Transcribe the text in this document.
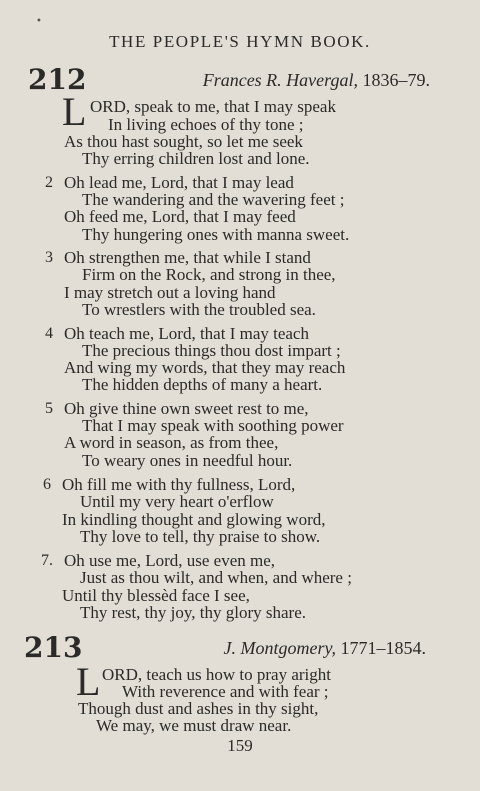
•
THE PEOPLE'S HYMN BOOK.
212	Frances R. Havergal, 1836–79.
L ORD, speak to me, that I may speak
In living echoes of thy tone ;
As thou hast sought, so let me seek
Thy erring children lost and lone.
2 Oh lead me, Lord, that I may lead
The wandering and the wavering feet ;
Oh feed me, Lord, that I may feed
Thy hungering ones with manna sweet.
3 Oh strengthen me, that while I stand
Firm on the Rock, and strong in thee,
I may stretch out a loving hand
To wrestlers with the troubled sea.
4 Oh teach me, Lord, that I may teach
The precious things thou dost impart ;
And wing my words, that they may reach
The hidden depths of many a heart.
5 Oh give thine own sweet rest to me,
That I may speak with soothing power
A word in season, as from thee,
To weary ones in needful hour.
6 Oh fill me with thy fullness, Lord,
Until my very heart o'erflow
In kindling thought and glowing word,
Thy love to tell, thy praise to show.
7. Oh use me, Lord, use even me,
Just as thou wilt, and when, and where ;
Until thy blessèd face I see,
Thy rest, thy joy, thy glory share.
213	J. Montgomery, 1771–1854.
L ORD, teach us how to pray aright
With reverence and with fear ;
Though dust and ashes in thy sight,
We may, we must draw near.
159
